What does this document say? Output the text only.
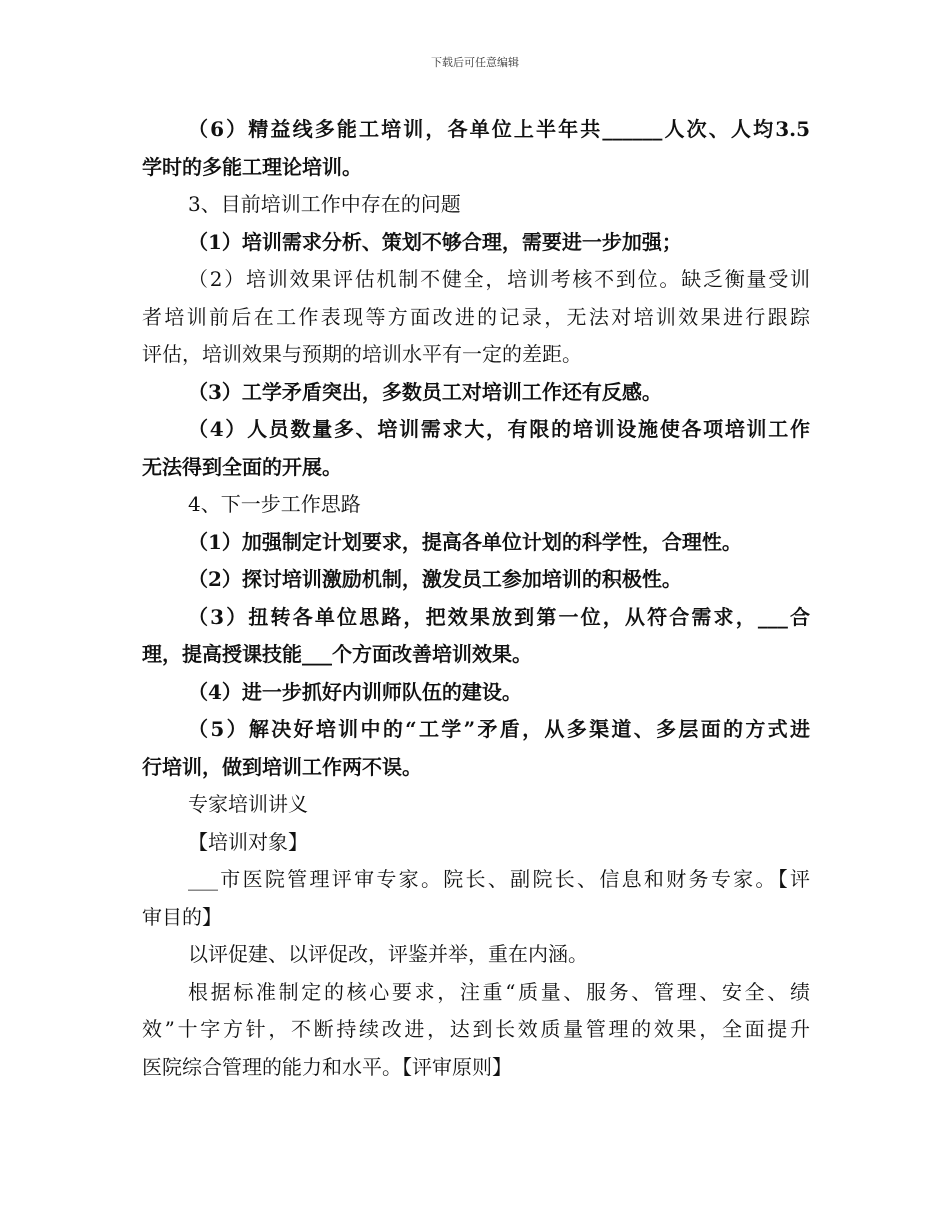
下载后可任意编辑
（6）精益线多能工培训，各单位上半年共______人次、人均3.5
学时的多能工理论培训。
3、目前培训工作中存在的问题
（1）培训需求分析、策划不够合理，需要进一步加强；
（2）培训效果评估机制不健全，培训考核不到位。缺乏衡量受训
者培训前后在工作表现等方面改进的记录，无法对培训效果进行跟踪
评估，培训效果与预期的培训水平有一定的差距。
（3）工学矛盾突出，多数员工对培训工作还有反感。
（4）人员数量多、培训需求大，有限的培训设施使各项培训工作
无法得到全面的开展。
4、下一步工作思路
（1）加强制定计划要求，提高各单位计划的科学性，合理性。
（2）探讨培训激励机制，激发员工参加培训的积极性。
（3）扭转各单位思路，把效果放到第一位，从符合需求，___合
理，提高授课技能___个方面改善培训效果。
（4）进一步抓好内训师队伍的建设。
（5）解决好培训中的“工学”矛盾，从多渠道、多层面的方式进
行培训，做到培训工作两不误。
专家培训讲义
【培训对象】
___市医院管理评审专家。院长、副院长、信息和财务专家。【评
审目的】
以评促建、以评促改，评鉴并举，重在内涵。
根据标准制定的核心要求，注重“质量、服务、管理、安全、绩
效”十字方针，不断持续改进，达到长效质量管理的效果，全面提升
医院综合管理的能力和水平。【评审原则】
